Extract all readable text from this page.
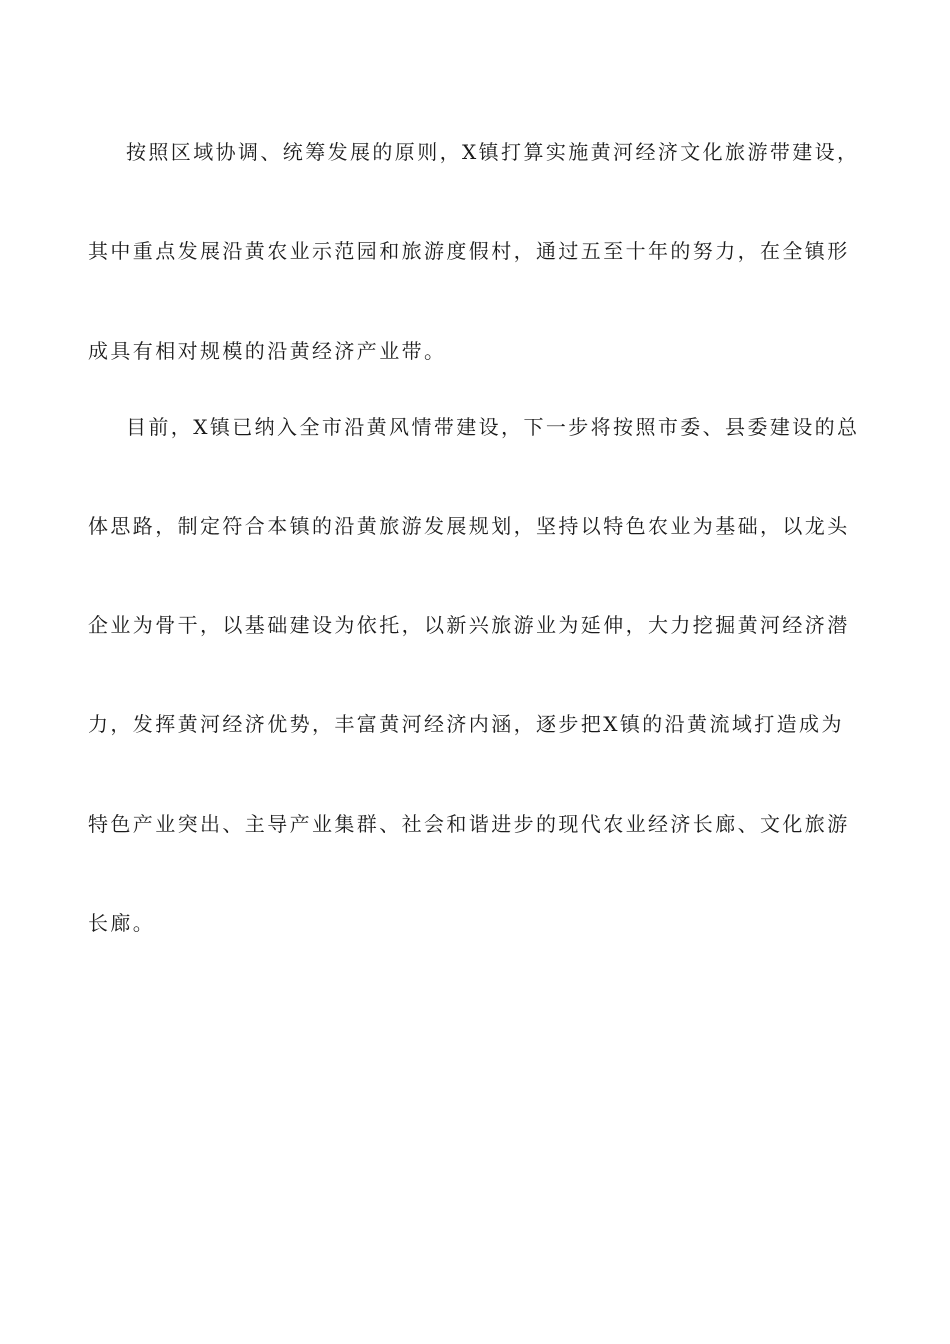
按照区域协调、统筹发展的原则，X镇打算实施黄河经济文化旅游带建设，
其中重点发展沿黄农业示范园和旅游度假村，通过五至十年的努力，在全镇形
成具有相对规模的沿黄经济产业带。
目前，X镇已纳入全市沿黄风情带建设，下一步将按照市委、县委建设的总
体思路，制定符合本镇的沿黄旅游发展规划，坚持以特色农业为基础，以龙头
企业为骨干，以基础建设为依托，以新兴旅游业为延伸，大力挖掘黄河经济潜
力，发挥黄河经济优势，丰富黄河经济内涵，逐步把X镇的沿黄流域打造成为
特色产业突出、主导产业集群、社会和谐进步的现代农业经济长廊、文化旅游
长廊。
